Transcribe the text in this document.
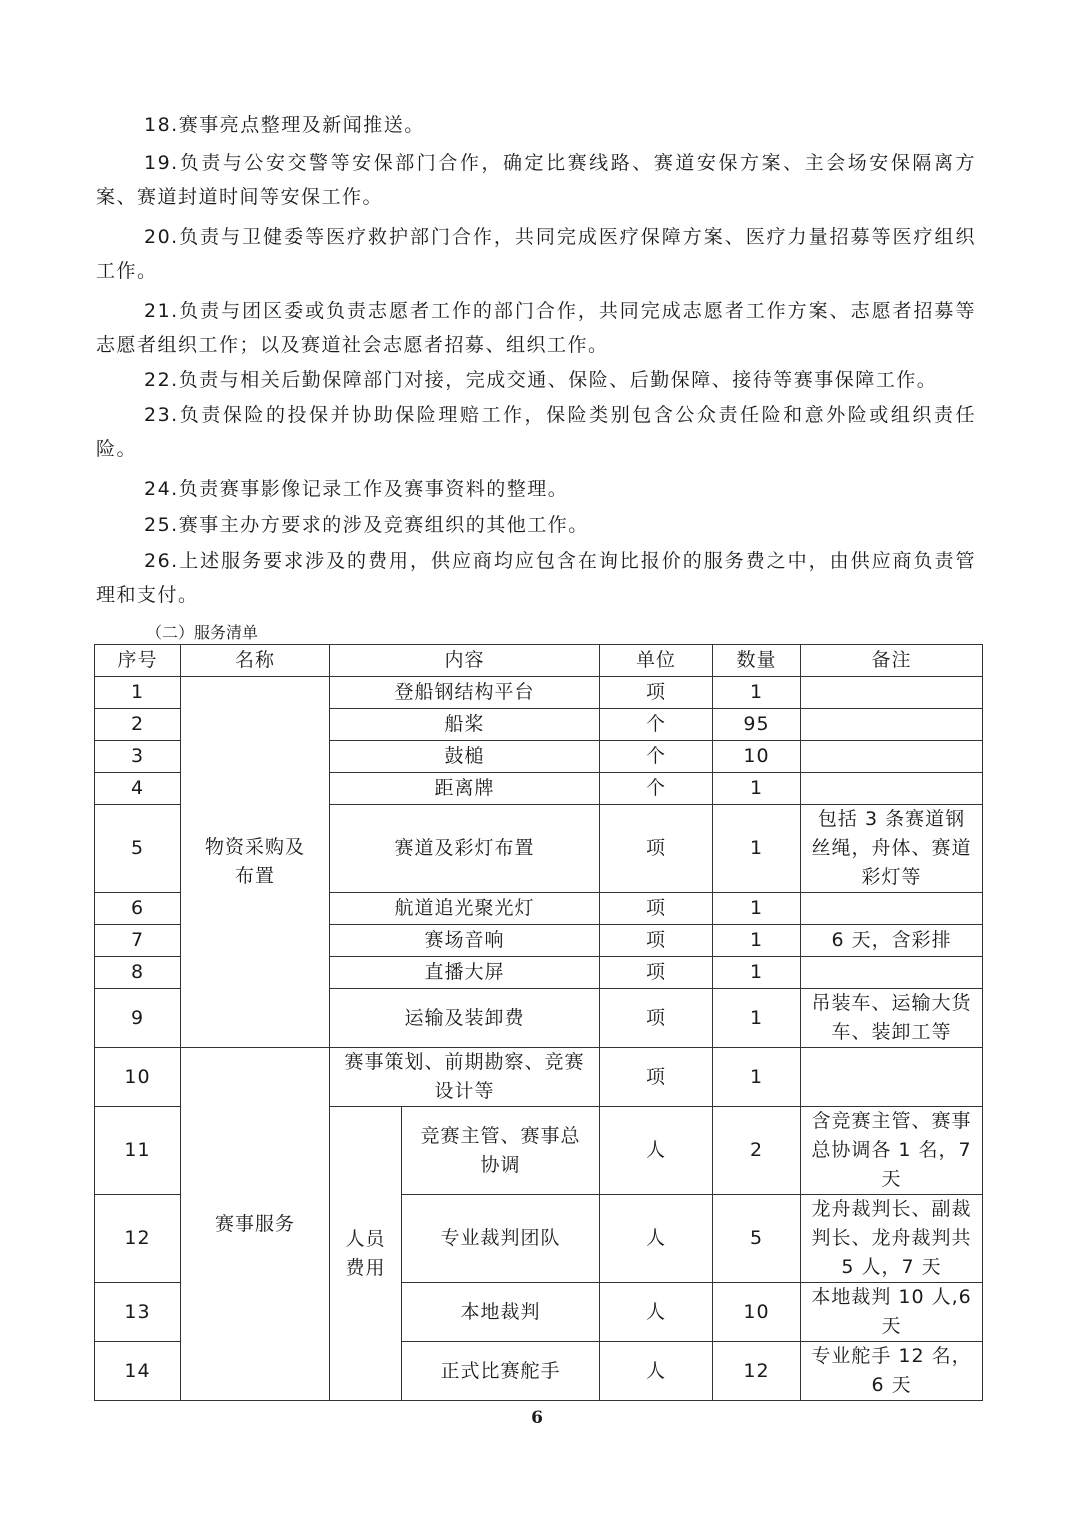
18.赛事亮点整理及新闻推送。

19.负责与公安交警等安保部门合作，确定比赛线路、赛道安保方案、主会场安保隔离方案、赛道封道时间等安保工作。

20.负责与卫健委等医疗救护部门合作，共同完成医疗保障方案、医疗力量招募等医疗组织工作。

21.负责与团区委或负责志愿者工作的部门合作，共同完成志愿者工作方案、志愿者招募等志愿者组织工作；以及赛道社会志愿者招募、组织工作。

22.负责与相关后勤保障部门对接，完成交通、保险、后勤保障、接待等赛事保障工作。

23.负责保险的投保并协助保险理赔工作，保险类别包含公众责任险和意外险或组织责任险。

24.负责赛事影像记录工作及赛事资料的整理。

25.赛事主办方要求的涉及竞赛组织的其他工作。

26.上述服务要求涉及的费用，供应商均应包含在询比报价的服务费之中，由供应商负责管理和支付。

（二）服务清单

序号	名称	内容		单位	数量	备注
1	物资采购及布置	登船钢结构平台		项	1	
2		船桨		个	95	
3		鼓槌		个	10	
4		距离牌		个	1	
5		赛道及彩灯布置		项	1	包括 3 条赛道钢丝绳，舟体、赛道彩灯等
6		航道追光聚光灯		项	1	
7		赛场音响		项	1	6 天，含彩排
8		直播大屏		项	1	
9		运输及装卸费		项	1	吊装车、运输大货车、装卸工等
10	赛事服务	赛事策划、前期勘察、竞赛设计等		项	1	
11		人员费用	竞赛主管、赛事总协调	人	2	含竞赛主管、赛事总协调各 1 名，7 天
12			专业裁判团队	人	5	龙舟裁判长、副裁判长、龙舟裁判共 5 人，7 天
13			本地裁判	人	10	本地裁判 10 人,6 天
14			正式比赛舵手	人	12	专业舵手 12 名，6 天
6
